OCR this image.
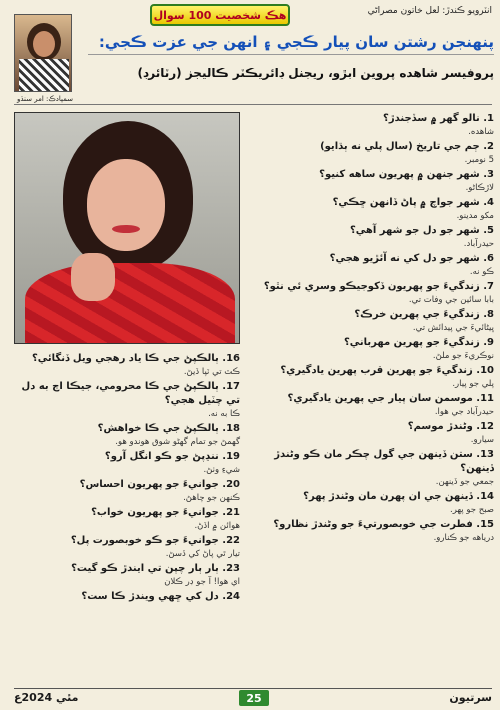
انٽرويو ڪندڙ: لعل خاتون مصراڻي
هڪ شخصيت 100 سوال
سمپادڪ: امر سنڌو
پنهنجن رشتن سان پيار ڪجي ۽ انهن جي عزت ڪجي:
پروفيسر شاهده پروين ابڙو، ريجنل ڊائريڪٽر ڪاليجز (رٽائرڊ)
1. نالو گهر ۾ سڏجندڙ؟
شاهده.
2. ڄم جي تاريخ (سال پلي نه ٻڌايو)
5 نومبر.
3. شهر جنهن ۾ پهريون ساهه کنيو؟
لاڙڪاڻو.
4. شهر جواچ ۾ پاڻ ڏانهن ڇڪي؟
مکو مدينو.
5. شهر جو دل جو شهر آهي؟
حيدرآباد.
6. شهر جو دل کي نه آئڙيو هجي؟
ڪو نه.
7. زندگيءَ جو پهريون ڏکوجيڪو وسري ئي نٿو؟
بابا سائين جي وفات تي.
8. زندگيءَ جي پهرين خرڪ؟
ڀيڻائيءَ جي پيدائش تي.
9. زندگيءَ جو پهرين مهرباني؟
نوڪريءَ جو ملڻ.
10. زندگيءَ جو پهرين قرب پهرين يادگيري؟
پلي جو پيار.
11. موسمن سان پيار جي پهرين يادگيري؟
حيدرآباد جي هوا.
12. وڻندڙ موسم؟
سيارو.
13. ستن ڏينهن جي گول چڪر مان ڪو وڻندڙ ڏينهن؟
جمعي جو ڏينهن.
14. ڏينهن جي ان پهرن مان وڻندڙ پهر؟
صبح جو پهر.
15. فطرت جي خوبصورتيءَ جو وڻندڙ نظارو؟
درياهه جو ڪنارو.
16. ٻالڪپڻ جي ڪا ياد رهجي ويل ڏنگائي؟
ڪٽ تي ٽپا ڏيڻ.
17. ٻالڪپڻ جي ڪا محرومي، جيڪا اڄ به دل تي چٽيل هجي؟
ڪا به نه.
18. ٻالڪپڻ جي ڪا خواهش؟
گهمڻ جو تمام گهڻو شوق هوندو هو.
19. ننڍپڻ جو ڪو انگل آرو؟
شيءِ وٺڻ.
20. جوانيءَ جو پهريون احساس؟
ڪنهن جو چاهڻ.
21. جوانيءَ جو پهريون خواب؟
هوائن ۾ اڏڻ.
22. جوانيءَ جو ڪو خوبصورت پل؟
تيار ٿي پاڻ کي ڏسڻ.
23. ٻار ٻار چپن تي ايندڙ ڪو گيت؟
اي هوا! آ جو ڊر ڪلان
24. دل کي ڇهي ويندڙ ڪا ست؟
مئي 2024ع	25	سرتيون
